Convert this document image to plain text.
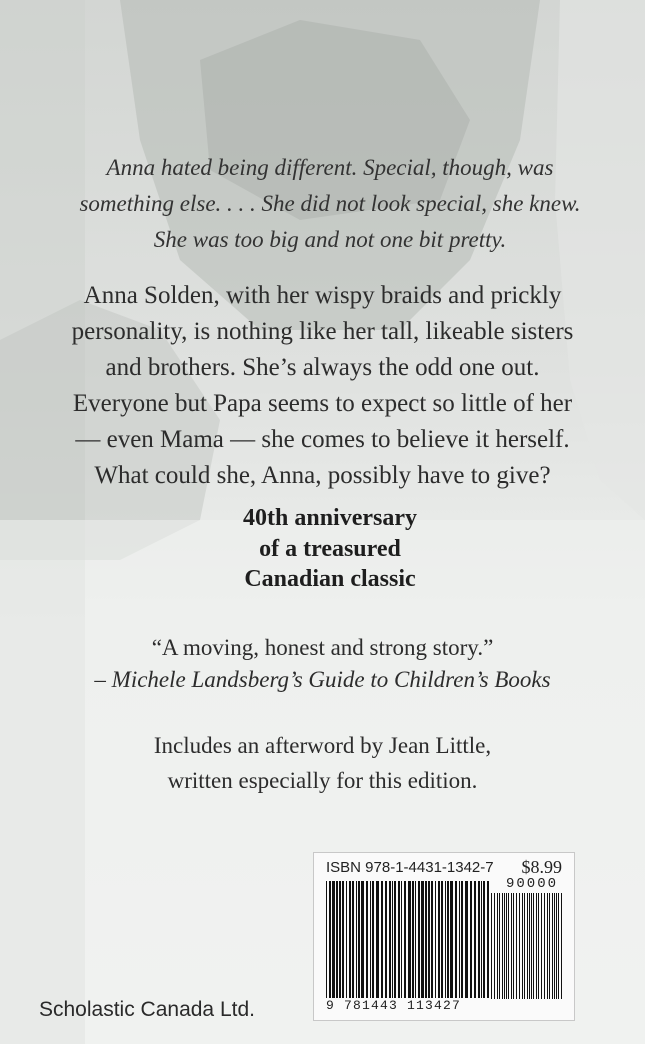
Anna hated being different. Special, though, was
something else. . . . She did not look special, she knew.
She was too big and not one bit pretty.
Anna Solden, with her wispy braids and prickly
personality, is nothing like her tall, likeable sisters
and brothers. She’s always the odd one out.
Everyone but Papa seems to expect so little of her
— even Mama — she comes to believe it herself.
What could she, Anna, possibly have to give?
40th anniversary
of a treasured
Canadian classic
“A moving, honest and strong story.”
– Michele Landsberg’s Guide to Children’s Books
Includes an afterword by Jean Little,
written especially for this edition.
ISBN 978-1-4431-1342-7 $8.99
90000
9 781443 113427
Scholastic Canada Ltd.
